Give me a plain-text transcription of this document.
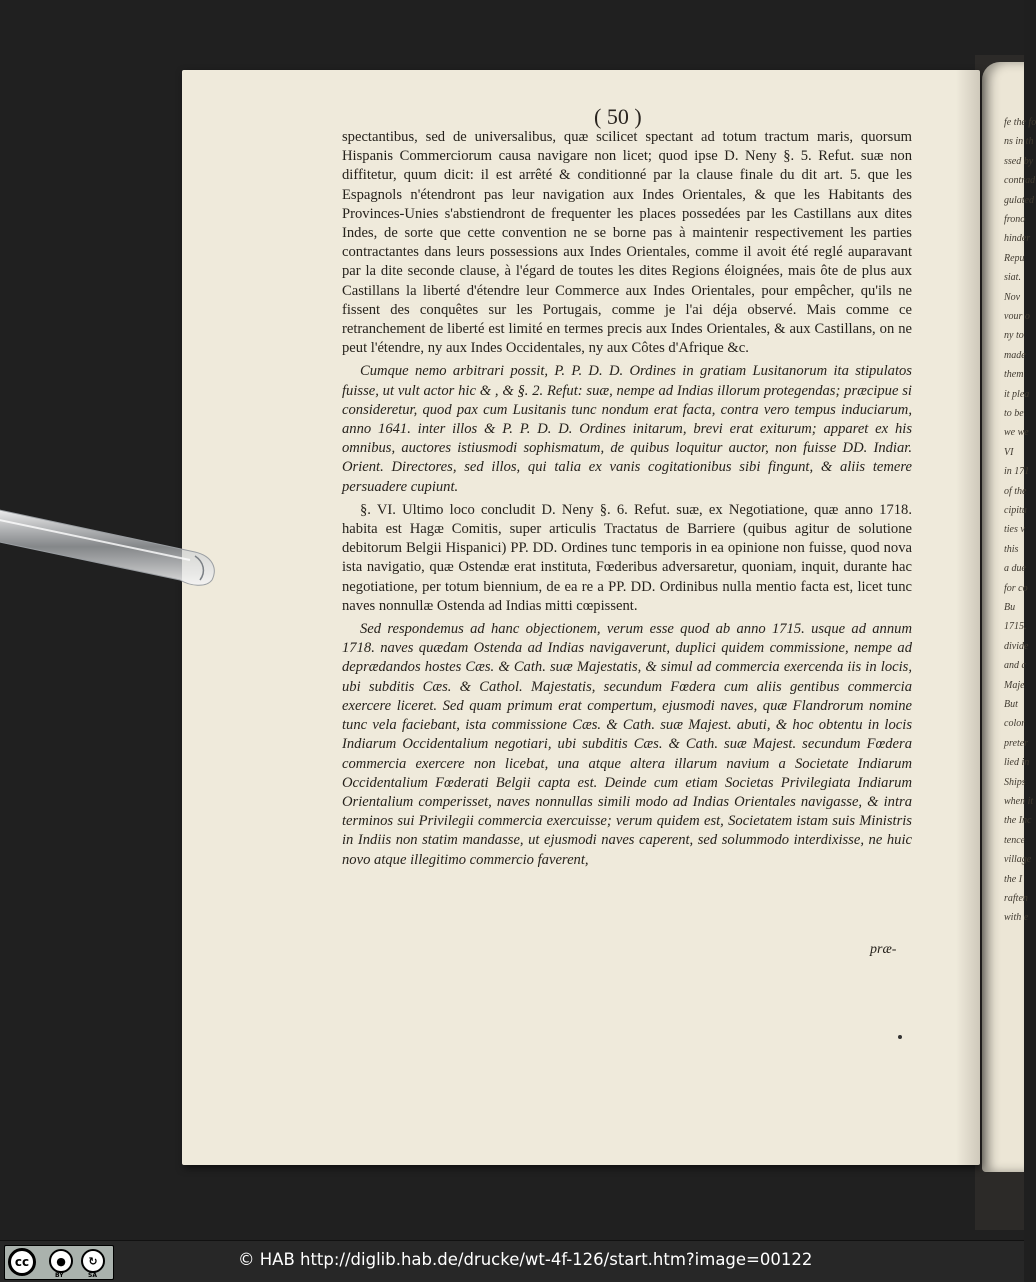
fe the fo
ns in th
ssed by
contrad
gulated
frono
hinder
Repu
siat.
Nov
vour o
ny to
made
them
it plea
to be
we we
VI
in 171
of the
cipitu
ties v
this
a due
for co
Bu
1715.
divide
and c
Maje
But
color
preter
lied in
Ships
when it
the Inc
tence
village
the I
raften
with e
( 50 )

spectantibus, sed de universalibus, quæ scilicet spectant ad totum tractum maris, quorsum Hispanis Commerciorum causa navigare non licet; quod ipse D. Neny §. 5. Refut. suæ non diffitetur, quum dicit: il est arrêté & conditionné par la clause finale du dit art. 5. que les Espagnols n'étendront pas leur navigation aux Indes Orientales, & que les Habitants des Provinces-Unies s'abstiendront de frequenter les places possedées par les Castillans aux dites Indes, de sorte que cette convention ne se borne pas à maintenir respectivement les parties contractantes dans leurs possessions aux Indes Orientales, comme il avoit été reglé auparavant par la dite seconde clause, à l'égard de toutes les dites Regions éloignées, mais ôte de plus aux Castillans la liberté d'étendre leur Commerce aux Indes Orientales, pour empêcher, qu'ils ne fissent des conquêtes sur les Portugais, comme je l'ai déja observé. Mais comme ce retranchement de liberté est limité en termes precis aux Indes Orientales, & aux Castillans, on ne peut l'étendre, ny aux Indes Occidentales, ny aux Côtes d'Afrique &c.

Cumque nemo arbitrari possit, P. P. D. D. Ordines in gratiam Lusitanorum ita stipulatos fuisse, ut vult actor hic & , & §. 2. Refut: suæ, nempe ad Indias illorum protegendas; præcipue si consideretur, quod pax cum Lusitanis tunc nondum erat facta, contra vero tempus induciarum, anno 1641. inter illos & P. P. D. D. Ordines initarum, brevi erat exiturum; apparet ex his omnibus, auctores istiusmodi sophismatum, de quibus loquitur auctor, non fuisse DD. Indiar. Orient. Directores, sed illos, qui talia ex vanis cogitationibus sibi fingunt, & aliis temere persuadere cupiunt.

§. VI. Ultimo loco concludit D. Neny §. 6. Refut. suæ, ex Negotiatione, quæ anno 1718. habita est Hagæ Comitis, super articulis Tractatus de Barriere (quibus agitur de solutione debitorum Belgii Hispanici) PP. DD. Ordines tunc temporis in ea opinione non fuisse, quod nova ista navigatio, quæ Ostendæ erat instituta, Fœderibus adversaretur, quoniam, inquit, durante hac negotiatione, per totum biennium, de ea re a PP. DD. Ordinibus nulla mentio facta est, licet tunc naves nonnullæ Ostenda ad Indias mitti cœpissent.

Sed respondemus ad hanc objectionem, verum esse quod ab anno 1715. usque ad annum 1718. naves quædam Ostenda ad Indias navigaverunt, duplici quidem commissione, nempe ad deprædandos hostes Cæs. & Cath. suæ Majestatis, & simul ad commercia exercenda iis in locis, ubi subditis Cæs. & Cathol. Majestatis, secundum Fœdera cum aliis gentibus commercia exercere liceret. Sed quam primum erat compertum, ejusmodi naves, quæ Flandrorum nomine tunc vela faciebant, ista commissione Cæs. & Cath. suæ Majest. abuti, & hoc obtentu in locis Indiarum Occidentalium negotiari, ubi subditis Cæs. & Cath. suæ Majest. secundum Fœdera commercia exercere non licebat, una atque altera illarum navium a Societate Indiarum Occidentalium Fœderati Belgii capta est. Deinde cum etiam Societas Privilegiata Indiarum Orientalium comperisset, naves nonnullas simili modo ad Indias Orientales navigasse, & intra terminos sui Privilegii commercia exercuisse; verum quidem est, Societatem istam suis Ministris in Indiis non statim mandasse, ut ejusmodi naves caperent, sed solummodo interdixisse, ne huic novo atque illegitimo commercio faverent,

præ-
cc	●	↻
BY	SA
© HAB http://diglib.hab.de/drucke/wt-4f-126/start.htm?image=00122
